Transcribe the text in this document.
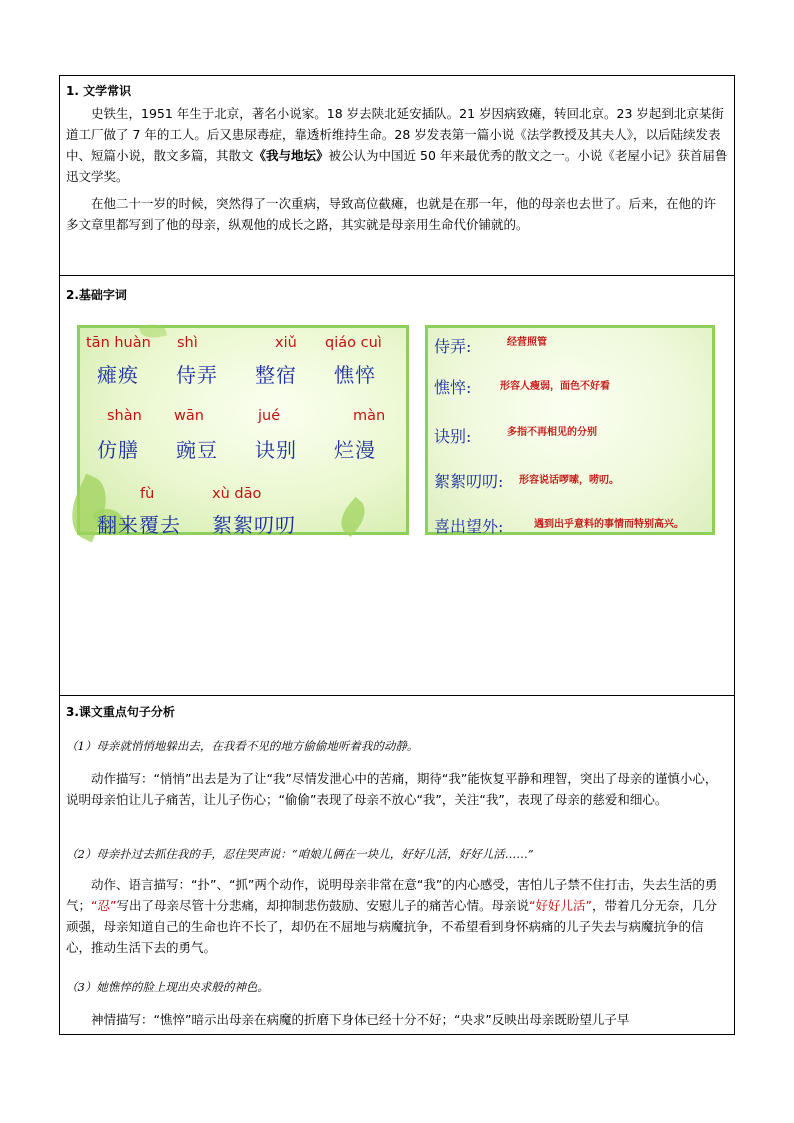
1. 文学常识

史铁生，1951 年生于北京，著名小说家。18 岁去陕北延安插队。21 岁因病致瘫，转回北京。23 岁起到北京某街道工厂做了 7 年的工人。后又患尿毒症，靠透析维持生命。28 岁发表第一篇小说《法学教授及其夫人》，以后陆续发表中、短篇小说，散文多篇，其散文《我与地坛》被公认为中国近 50 年来最优秀的散文之一。小说《老屋小记》获首届鲁迅文学奖。

在他二十一岁的时候，突然得了一次重病，导致高位截瘫，也就是在那一年，他的母亲也去世了。后来，在他的许多文章里都写到了他的母亲，纵观他的成长之路，其实就是母亲用生命代价铺就的。

2.基础字词
3.课文重点句子分析

（1）母亲就悄悄地躲出去，在我看不见的地方偷偷地听着我的动静。

动作描写：“悄悄”出去是为了让“我”尽情发泄心中的苦痛，期待“我”能恢复平静和理智，突出了母亲的谨慎小心，说明母亲怕让儿子痛苦，让儿子伤心；“偷偷”表现了母亲不放心“我”，关注“我”，表现了母亲的慈爱和细心。

（2）母亲扑过去抓住我的手，忍住哭声说：“咱娘儿俩在一块儿，好好儿活，好好儿活……”

动作、语言描写：“扑”、“抓”两个动作，说明母亲非常在意“我”的内心感受，害怕儿子禁不住打击，失去生活的勇气；“忍”写出了母亲尽管十分悲痛，却抑制悲伤鼓励、安慰儿子的痛苦心情。母亲说“好好儿活”，带着几分无奈，几分顽强，母亲知道自己的生命也许不长了，却仍在不屈地与病魔抗争，不希望看到身怀病痛的儿子失去与病魔抗争的信心，推动生活下去的勇气。

（3）她憔悴的脸上现出央求般的神色。

神情描写：“憔悴”暗示出母亲在病魔的折磨下身体已经十分不好；“央求”反映出母亲既盼望儿子早

tān huàn
瘫痪
shì
侍弄
xiǔ
整宿
qiáo cuì
憔悴
shàn
仿膳
wān
豌豆
jué
诀别
màn
烂漫
fù
翻来覆去
xù dāo
絮絮叨叨
侍弄:	经营照管
憔悴:	形容人瘦弱，面色不好看
诀别:	多指不再相见的分别
絮絮叨叨: 形容说话啰嗦，唠叨。
喜出望外:	遇到出乎意料的事情而特别高兴。
